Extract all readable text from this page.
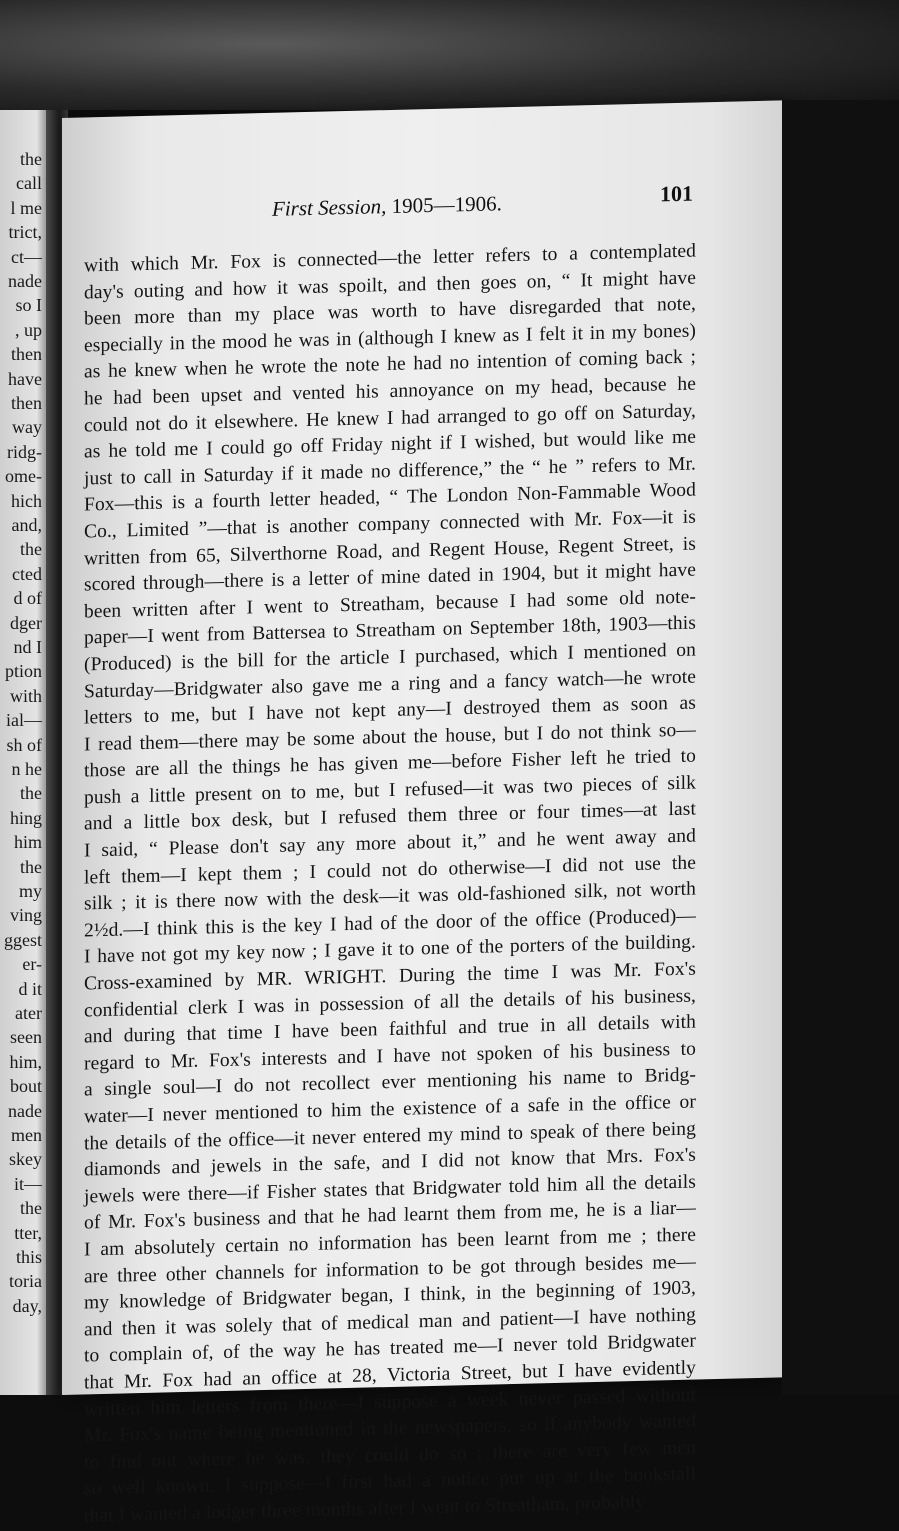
the
call
l me
trict,
ct—
nade
so I
, up
then
have
then
way
ridg-
ome-
hich
and,
the
cted
d of
dger
nd I
ption
with
ial—
sh of
n he
the
hing
him
the
my
ving
ggest
er-
d it
ater
seen
him,
bout
nade
men
skey
it—
the
tter,
this
toria
day,
First Session, 1905—1906.	101
with which Mr. Fox is connected—the letter refers to a contemplated
day's outing and how it was spoilt, and then goes on, “ It might have
been more than my place was worth to have disregarded that note,
especially in the mood he was in (although I knew as I felt it in my bones)
as he knew when he wrote the note he had no intention of coming back ;
he had been upset and vented his annoyance on my head, because he
could not do it elsewhere. He knew I had arranged to go off on Saturday,
as he told me I could go off Friday night if I wished, but would like me
just to call in Saturday if it made no difference,” the “ he ” refers to Mr.
Fox—this is a fourth letter headed, “ The London Non-Fammable Wood
Co., Limited ”—that is another company connected with Mr. Fox—it is
written from 65, Silverthorne Road, and Regent House, Regent Street, is
scored through—there is a letter of mine dated in 1904, but it might have
been written after I went to Streatham, because I had some old note-
paper—I went from Battersea to Streatham on September 18th, 1903—this
(Produced) is the bill for the article I purchased, which I mentioned on
Saturday—Bridgwater also gave me a ring and a fancy watch—he wrote
letters to me, but I have not kept any—I destroyed them as soon as
I read them—there may be some about the house, but I do not think so—
those are all the things he has given me—before Fisher left he tried to
push a little present on to me, but I refused—it was two pieces of silk
and a little box desk, but I refused them three or four times—at last
I said, “ Please don't say any more about it,” and he went away and
left them—I kept them ; I could not do otherwise—I did not use the
silk ; it is there now with the desk—it was old-fashioned silk, not worth
2½d.—I think this is the key I had of the door of the office (Produced)—
I have not got my key now ; I gave it to one of the porters of the building.
Cross-examined by MR. WRIGHT. During the time I was Mr. Fox's
confidential clerk I was in possession of all the details of his business,
and during that time I have been faithful and true in all details with
regard to Mr. Fox's interests and I have not spoken of his business to
a single soul—I do not recollect ever mentioning his name to Bridg-
water—I never mentioned to him the existence of a safe in the office or
the details of the office—it never entered my mind to speak of there being
diamonds and jewels in the safe, and I did not know that Mrs. Fox's
jewels were there—if Fisher states that Bridgwater told him all the details
of Mr. Fox's business and that he had learnt them from me, he is a liar—
I am absolutely certain no information has been learnt from me ; there
are three other channels for information to be got through besides me—
my knowledge of Bridgwater began, I think, in the beginning of 1903,
and then it was solely that of medical man and patient—I have nothing
to complain of, of the way he has treated me—I never told Bridgwater
that Mr. Fox had an office at 28, Victoria Street, but I have evidently
written him letters from there—I suppose a week never passed without
Mr. Fox's name being mentioned in the newspapers, so if anybody wanted
to find out where he was, they could do so ; there are very few men
so well known, I suppose—I first had a notice put up at the bookstall
that I wanted a lodger three months after I went to Streatham, probably
